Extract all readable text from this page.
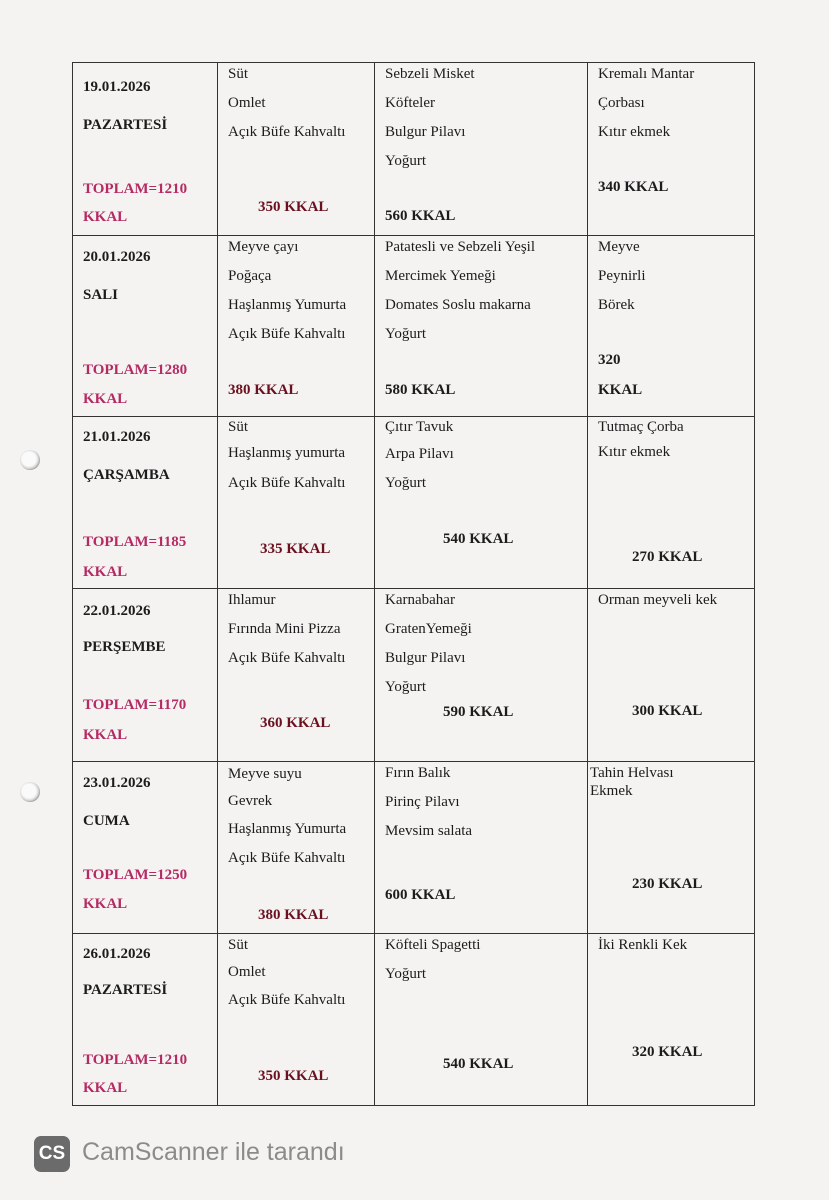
19.01.2026
PAZARTESİ
TOPLAM=1210
KKAL	Süt
Omlet
Açık Büfe Kahvaltı
350 KKAL	Sebzeli Misket
Köfteler
Bulgur Pilavı
Yoğurt
560 KKAL	Kremalı Mantar
Çorbası
Kıtır ekmek
340 KKAL

20.01.2026
SALI
TOPLAM=1280
KKAL	Meyve çayı
Poğaça
Haşlanmış Yumurta
Açık Büfe Kahvaltı
380 KKAL	Patatesli ve Sebzeli Yeşil
Mercimek Yemeği
Domates Soslu makarna
Yoğurt
580 KKAL	Meyve
Peynirli
Börek
320
KKAL

21.01.2026
ÇARŞAMBA
TOPLAM=1185
KKAL	Süt
Haşlanmış yumurta
Açık Büfe Kahvaltı
335 KKAL	Çıtır Tavuk
Arpa Pilavı
Yoğurt
540 KKAL	Tutmaç Çorba
Kıtır ekmek
270 KKAL

22.01.2026
PERŞEMBE
TOPLAM=1170
KKAL	Ihlamur
Fırında Mini Pizza
Açık Büfe Kahvaltı
360 KKAL	Karnabahar
GratenYemeği
Bulgur Pilavı
Yoğurt
590 KKAL	Orman meyveli kek
300 KKAL

23.01.2026
CUMA
TOPLAM=1250
KKAL	Meyve suyu
Gevrek
Haşlanmış Yumurta
Açık Büfe Kahvaltı
380 KKAL	Fırın Balık
Pirinç Pilavı
Mevsim salata
600 KKAL	Tahin Helvası
Ekmek
230 KKAL

26.01.2026
PAZARTESİ
TOPLAM=1210
KKAL	Süt
Omlet
Açık Büfe Kahvaltı
350 KKAL	Köfteli Spagetti
Yoğurt
540 KKAL	İki Renkli Kek
320 KKAL
CS CamScanner ile tarandı
